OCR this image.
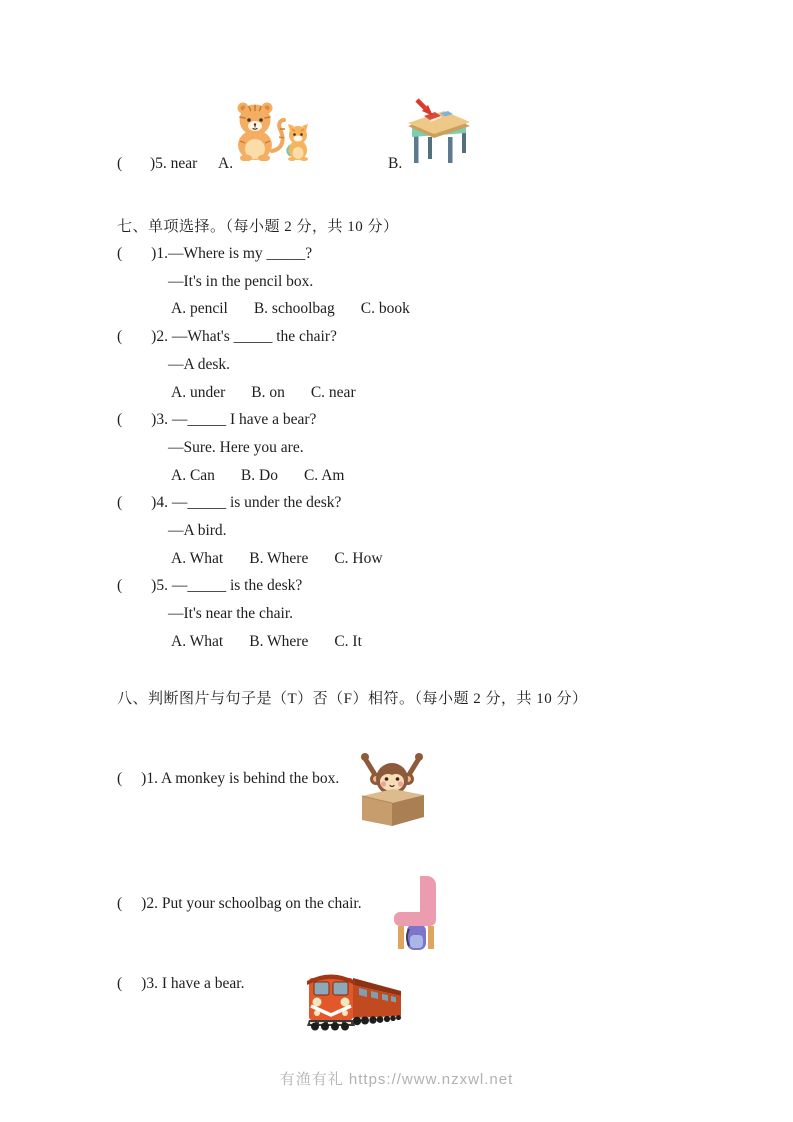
( )5. near A.	B.
七、单项选择。（每小题 2 分，共 10 分）
( )1.—Where is my _____?
—It's in the pencil box.
A. pencil B. schoolbag C. book
( )2. —What's _____ the chair?
—A desk.
A. under B. on C. near
( )3. —_____ I have a bear?
—Sure. Here you are.
A. Can B. Do C. Am
( )4. —_____ is under the desk?
—A bird.
A. What B. Where C. How
( )5. —_____ is the desk?
—It's near the chair.
A. What B. Where C. It
八、判断图片与句子是（T）否（F）相符。（每小题 2 分，共 10 分）
( )1. A monkey is behind the box.

( )2. Put your schoolbag on the chair.

( )3. I have a bear.

有渔有礼 https://www.nzxwl.net
